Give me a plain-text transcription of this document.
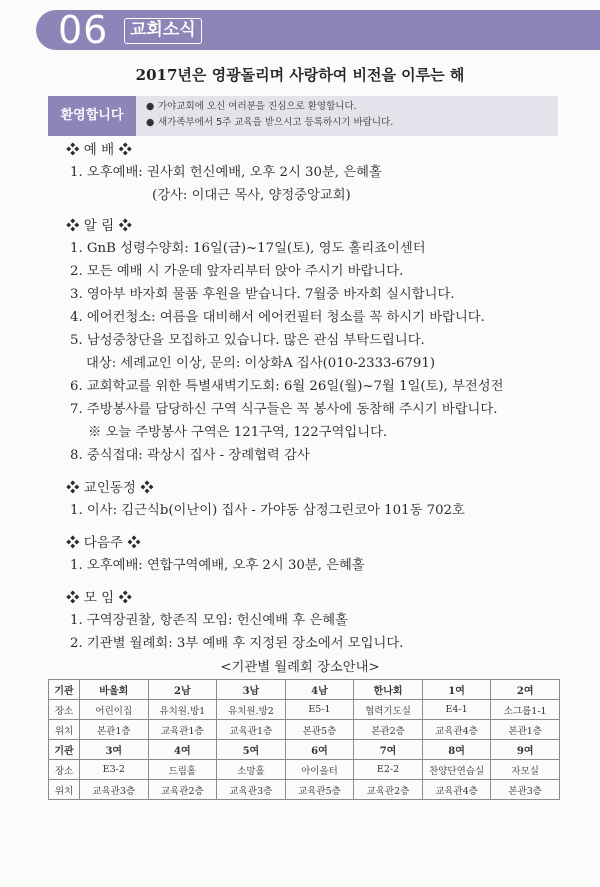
06	교회소식
2017년은 영광돌리며 사랑하여 비전을 이루는 해
환영합니다
● 가야교회에 오신 여러분을 진심으로 환영합니다.
● 새가족부에서 5주 교육을 받으시고 등록하시기 바랍니다.
❖ 예 배 ❖
1. 오후예배: 권사회 헌신예배, 오후 2시 30분, 은혜홀
(강사: 이대근 목사, 양정중앙교회)
❖ 알 림 ❖
1. GnB 성령수양회: 16일(금)~17일(토), 영도 홀리죠이센터
2. 모든 예배 시 가운데 앞자리부터 앉아 주시기 바랍니다.
3. 영아부 바자회 물품 후원을 받습니다. 7월중 바자회 실시합니다.
4. 에어컨청소: 여름을 대비해서 에어컨필터 청소를 꼭 하시기 바랍니다.
5. 남성중창단을 모집하고 있습니다. 많은 관심 부탁드립니다.
대상: 세례교인 이상, 문의: 이상화A 집사(010-2333-6791)
6. 교회학교를 위한 특별새벽기도회: 6월 26일(월)~7월 1일(토), 부전성전
7. 주방봉사를 담당하신 구역 식구들은 꼭 봉사에 동참해 주시기 바랍니다.
※ 오늘 주방봉사 구역은 121구역, 122구역입니다.
8. 중식접대: 곽상시 집사 - 장례협력 감사
❖ 교인동정 ❖
1. 이사: 김근식b(이난이) 집사 - 가야동 삼정그린코아 101동 702호
❖ 다음주 ❖
1. 오후예배: 연합구역예배, 오후 2시 30분, 은혜홀
❖ 모 임 ❖
1. 구역장권찰, 항존직 모임: 헌신예배 후 은혜홀
2. 기관별 월례회: 3부 예배 후 지정된 장소에서 모입니다.
<기관별 월례회 장소안내>
기관	바울회	2남	3남	4남	한나회	1여	2여
장소	어린이집	유치원.방1	유치원.방2	E5-1	협력기도실	E4-1	소그룹1-1
위치	본관1층	교육관1층	교육관1층	본관5층	본관2층	교육관4층	본관1층
기관	3여	4여	5여	6여	7여	8여	9여
장소	E3-2	드림홀	소망홀	아이올터	E2-2	찬양단연습실	자모실
위치	교육관3층	교육관2층	교육관3층	교육관5층	교육관2층	교육관4층	본관3층
